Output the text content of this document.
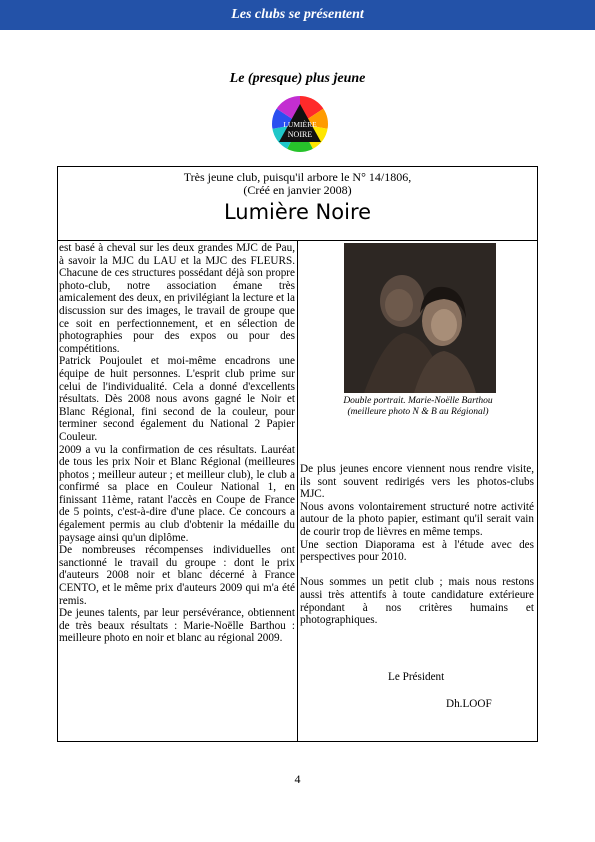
Les clubs se présentent
Le (presque) plus jeune
LUMIÈRE
NOIRE
Très jeune club, puisqu'il arbore le N° 14/1806,
(Créé en janvier 2008)
Lumière Noire

est basé à cheval sur les deux grandes MJC de Pau, à savoir la MJC du LAU et la MJC des FLEURS. Chacune de ces structures possédant déjà son propre photo-club, notre association émane très amicalement des deux, en privilégiant la lecture et la discussion sur des images, le travail de groupe que ce soit en perfectionnement, et en sélection de photographies pour des expos ou pour des compétitions.

Patrick Poujoulet et moi-même encadrons une équipe de huit personnes. L'esprit club prime sur celui de l'individualité. Cela a donné d'excellents résultats. Dès 2008 nous avons gagné le Noir et Blanc Régional, fini second de la couleur, pour terminer second également du National 2 Papier Couleur.

2009 a vu la confirmation de ces résultats. Lauréat de tous les prix Noir et Blanc Régional (meilleures photos ; meilleur auteur ; et meilleur club), le club a confirmé sa place en Couleur National 1, en finissant 11ème, ratant l'accès en Coupe de France de 5 points, c'est-à-dire d'une place. Ce concours a également permis au club d'obtenir la médaille du paysage ainsi qu'un diplôme.

De nombreuses récompenses individuelles ont sanctionné le travail du groupe : dont le prix d'auteurs 2008 noir et blanc décerné à France CENTO, et le même prix d'auteurs 2009 qui m'a été remis.

De jeunes talents, par leur persévérance, obtiennent de très beaux résultats : Marie-Noëlle Barthou : meilleure photo en noir et blanc au régional 2009.

Double portrait. Marie-Noëlle Barthou
(meilleure photo N & B au Régional)

De plus jeunes encore viennent nous rendre visite, ils sont souvent redirigés vers les photos-clubs MJC.

Nous avons volontairement structuré notre activité autour de la photo papier, estimant qu'il serait vain de courir trop de lièvres en même temps.

Une section Diaporama est à l'étude avec des perspectives pour 2010.

Nous sommes un petit club ; mais nous restons aussi très attentifs à toute candidature extérieure répondant à nos critères humains et photographiques.

Le Président
Dh.LOOF
4
